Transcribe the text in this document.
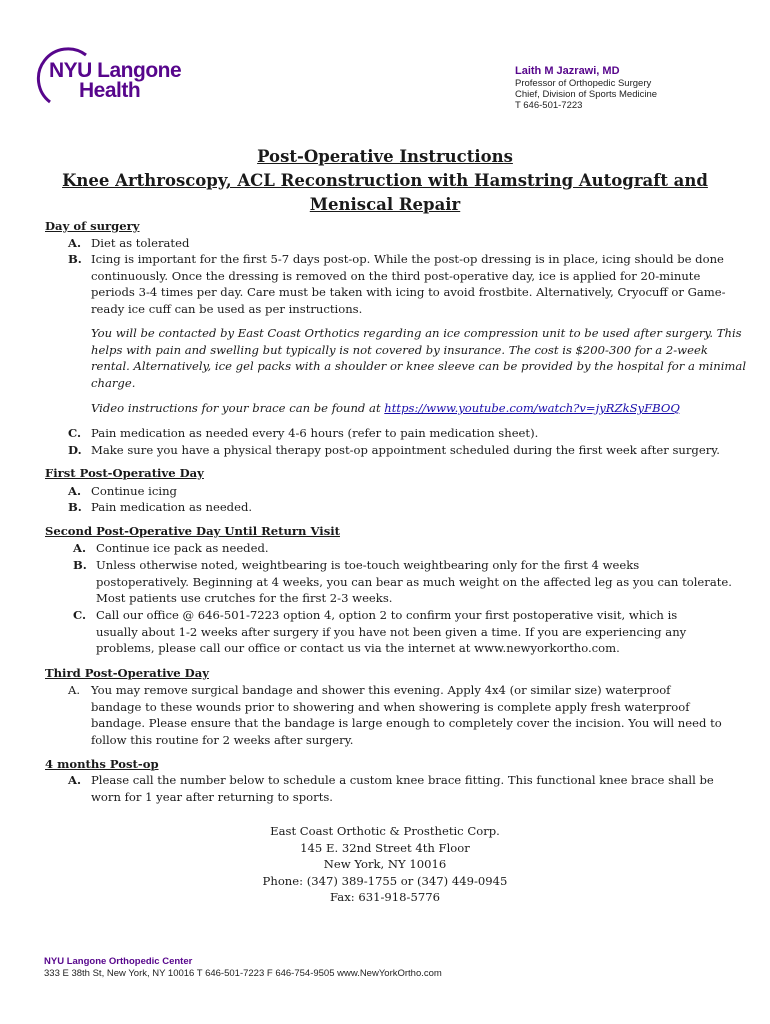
NYU Langone
Health
Laith M Jazrawi, MD
Professor of Orthopedic Surgery
Chief, Division of Sports Medicine
T 646-501-7223
Post-Operative Instructions
Knee Arthroscopy, ACL Reconstruction with Hamstring Autograft and
Meniscal Repair
Day of surgery
A. Diet as tolerated
B. Icing is important for the first 5-7 days post-op. While the post-op dressing is in place, icing should be done
continuously. Once the dressing is removed on the third post-operative day, ice is applied for 20-minute
periods 3-4 times per day. Care must be taken with icing to avoid frostbite. Alternatively, Cryocuff or Game-
ready ice cuff can be used as per instructions.
You will be contacted by East Coast Orthotics regarding an ice compression unit to be used after surgery. This
helps with pain and swelling but typically is not covered by insurance. The cost is $200-300 for a 2-week
rental. Alternatively, ice gel packs with a shoulder or knee sleeve can be provided by the hospital for a minimal
charge.
Video instructions for your brace can be found at https://www.youtube.com/watch?v=jyRZkSyFBOQ
C. Pain medication as needed every 4-6 hours (refer to pain medication sheet).
D. Make sure you have a physical therapy post-op appointment scheduled during the first week after surgery.
First Post-Operative Day
A. Continue icing
B. Pain medication as needed.
Second Post-Operative Day Until Return Visit
A. Continue ice pack as needed.
B. Unless otherwise noted, weightbearing is toe-touch weightbearing only for the first 4 weeks
postoperatively. Beginning at 4 weeks, you can bear as much weight on the affected leg as you can tolerate.
Most patients use crutches for the first 2-3 weeks.
C. Call our office @ 646-501-7223 option 4, option 2 to confirm your first postoperative visit, which is
usually about 1-2 weeks after surgery if you have not been given a time. If you are experiencing any
problems, please call our office or contact us via the internet at www.newyorkortho.com.
Third Post-Operative Day
A. You may remove surgical bandage and shower this evening. Apply 4x4 (or similar size) waterproof
bandage to these wounds prior to showering and when showering is complete apply fresh waterproof
bandage. Please ensure that the bandage is large enough to completely cover the incision. You will need to
follow this routine for 2 weeks after surgery.
4 months Post-op
A. Please call the number below to schedule a custom knee brace fitting. This functional knee brace shall be
worn for 1 year after returning to sports.
East Coast Orthotic & Prosthetic Corp.
145 E. 32nd Street 4th Floor
New York, NY 10016
Phone: (347) 389-1755 or (347) 449-0945
Fax: 631-918-5776
NYU Langone Orthopedic Center
333 E 38th St, New York, NY 10016 T 646-501-7223 F 646-754-9505 www.NewYorkOrtho.com
